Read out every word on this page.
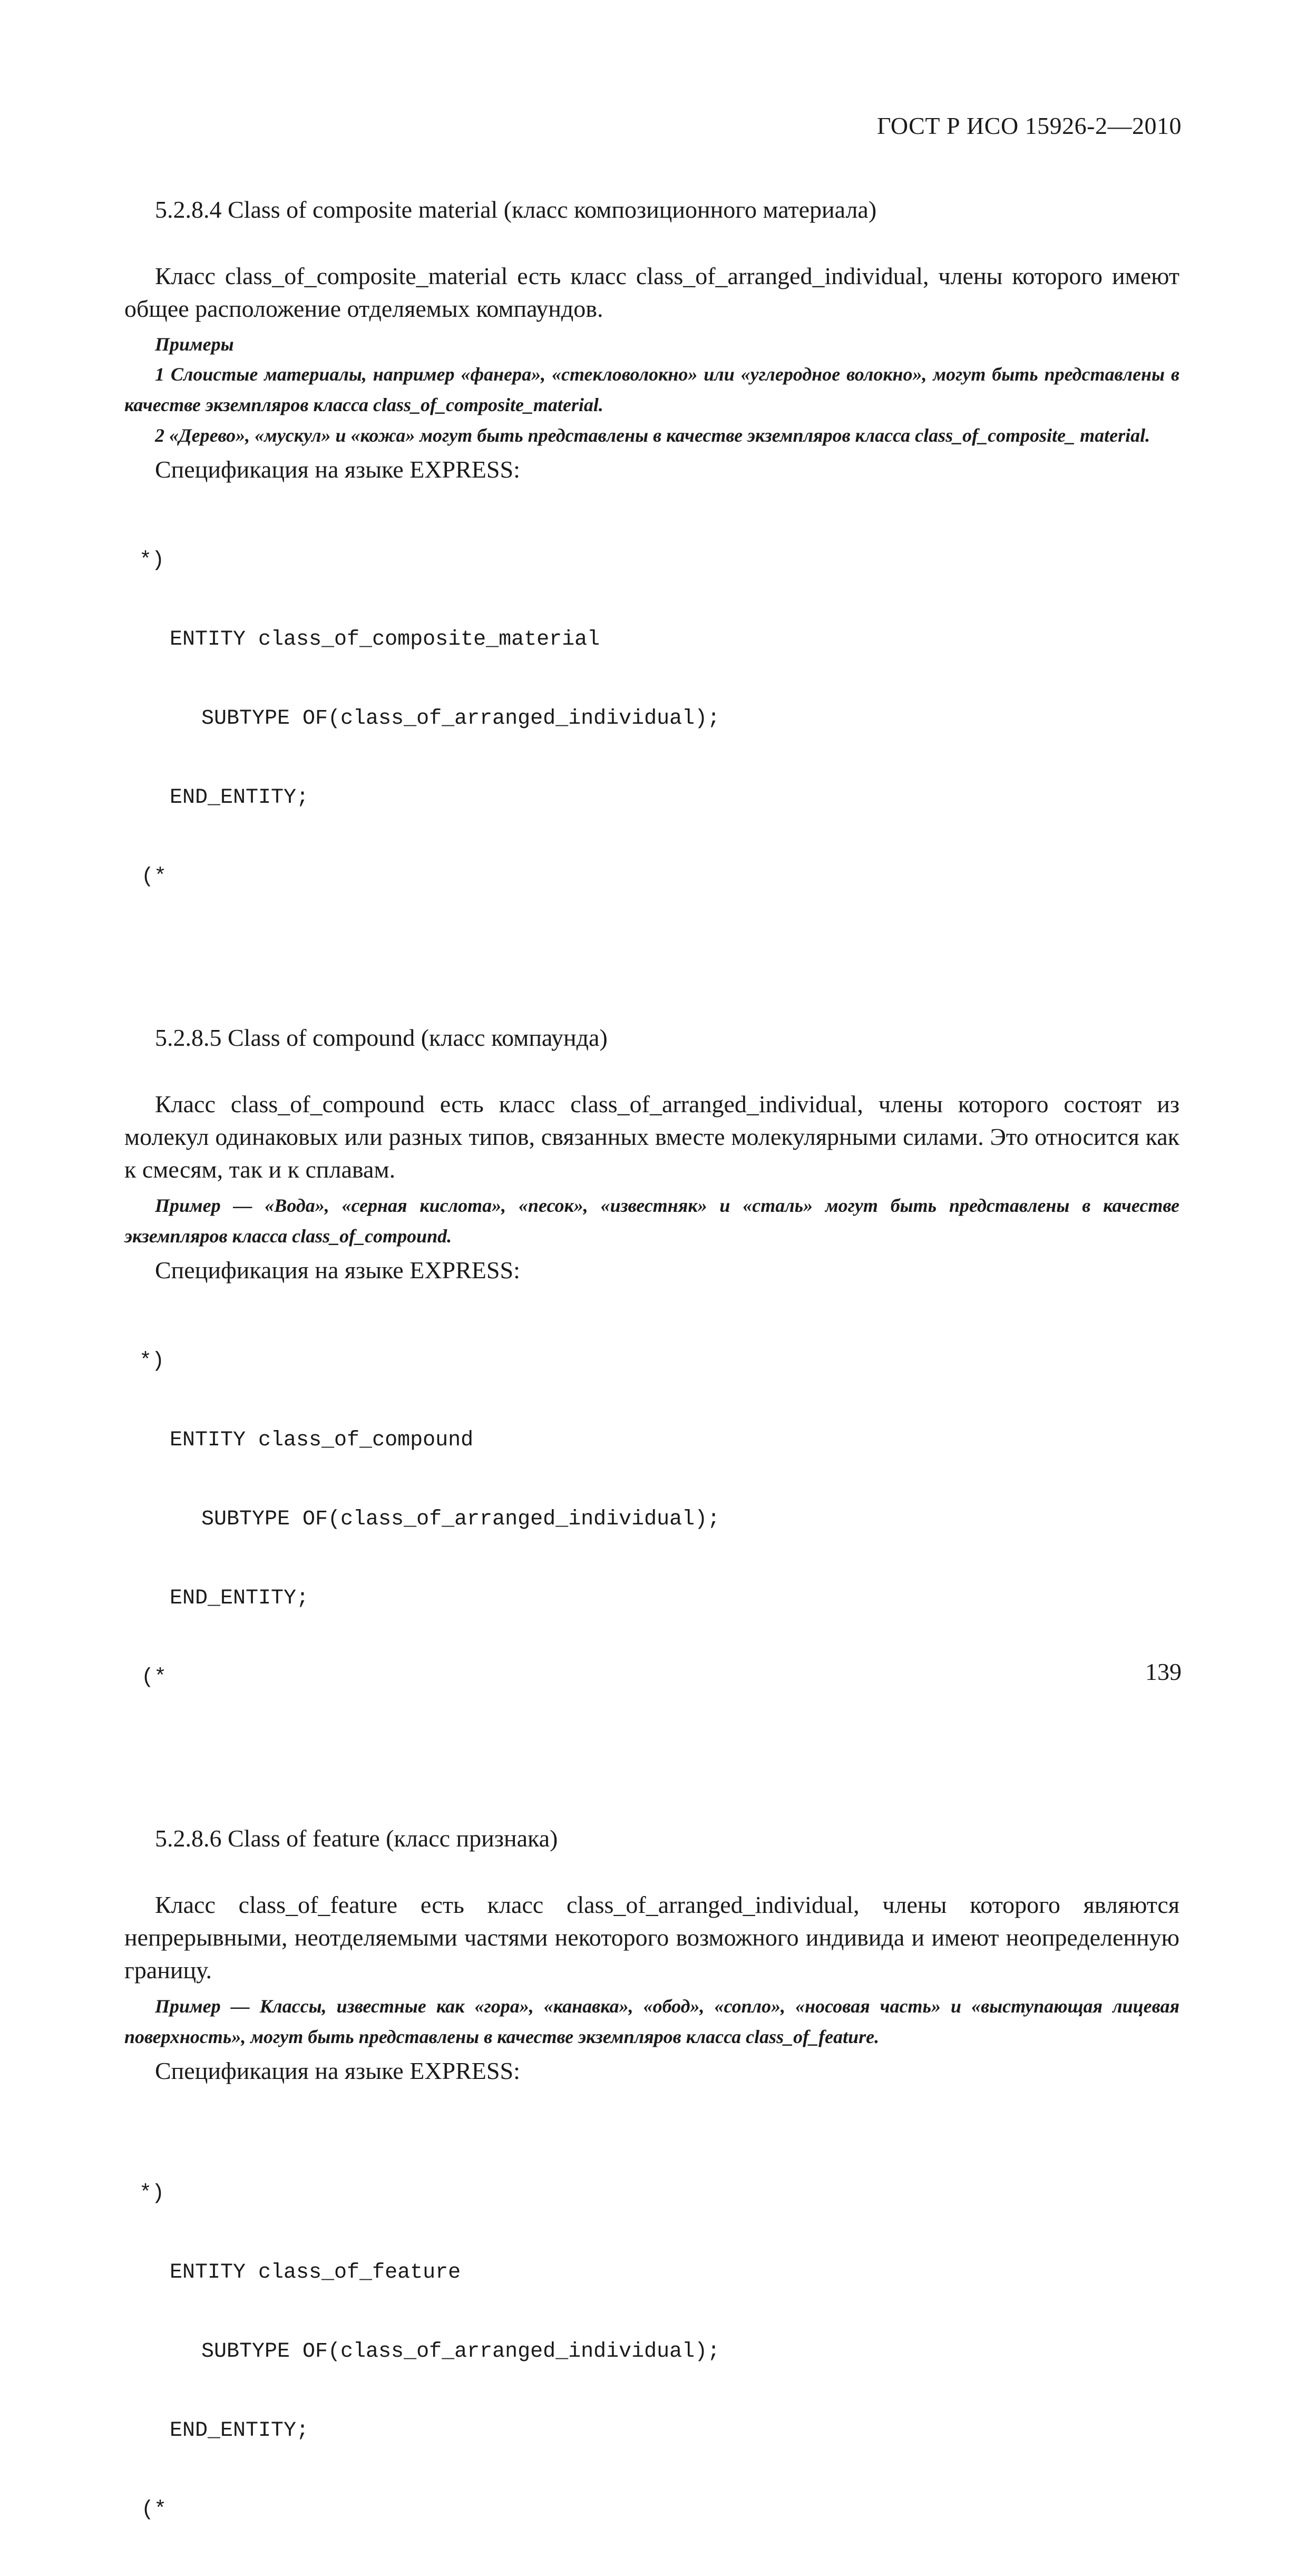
ГОСТ Р ИСО 15926-2—2010

5.2.8.4 Class of composite material (класс композиционного материала)

Класс class_of_composite_material есть класс class_of_arranged_individual, члены которого имеют общее расположение отделяемых компаундов.

Примеры

1 Слоистые материалы, например «фанера», «стекловолокно» или «углеродное волокно», могут быть представлены в качестве экземпляров класса class_of_composite_material.

2 «Дерево», «мускул» и «кожа» могут быть представлены в качестве экземпляров класса class_of_composite_ material.

Спецификация на языке EXPRESS:

*)

ENTITY class_of_composite_material

SUBTYPE OF(class_of_arranged_individual);

END_ENTITY;

(*

5.2.8.5 Class of compound (класс компаунда)

Класс class_of_compound есть класс class_of_arranged_individual, члены которого состоят из молекул одинаковых или разных типов, связанных вместе молекулярными силами. Это относится как к смесям, так и к сплавам.

Пример — «Вода», «серная кислота», «песок», «известняк» и «сталь» могут быть представлены в качестве экземпляров класса class_of_compound.

Спецификация на языке EXPRESS:

*)

ENTITY class_of_compound

SUBTYPE OF(class_of_arranged_individual);

END_ENTITY;

(*

5.2.8.6 Class of feature (класс признака)

Класс class_of_feature есть класс class_of_arranged_individual, члены которого являются непрерывными, неотделяемыми частями некоторого возможного индивида и имеют неопределенную границу.

Пример — Классы, известные как «гора», «канавка», «обод», «сопло», «носовая часть» и «выступающая лицевая поверхность», могут быть представлены в качестве экземпляров класса class_of_feature.

Спецификация на языке EXPRESS:

*)

ENTITY class_of_feature

SUBTYPE OF(class_of_arranged_individual);

END_ENTITY;

(*

139
